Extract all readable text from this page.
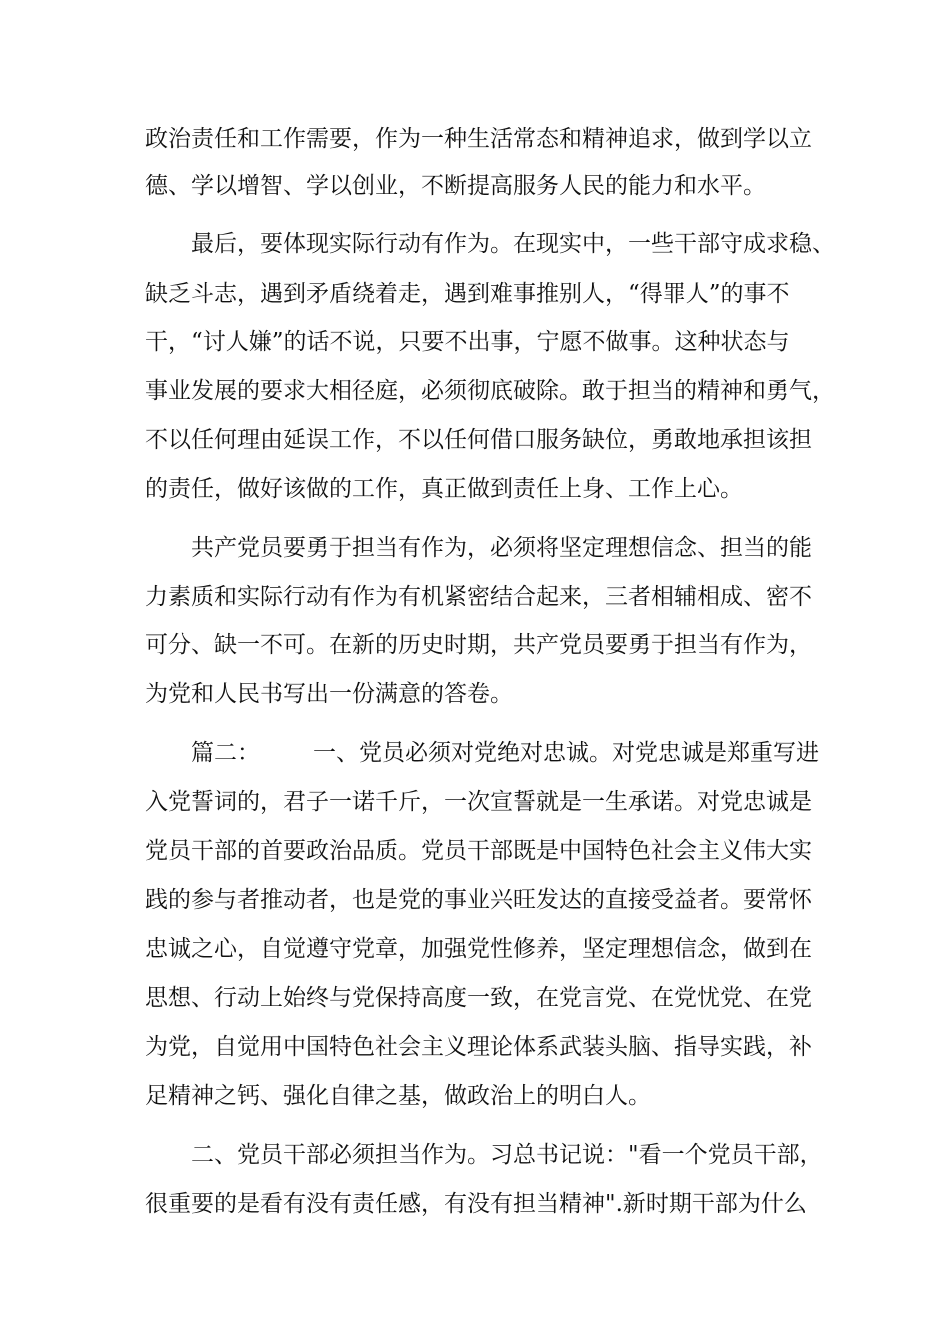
政治责任和工作需要，作为一种生活常态和精神追求，做到学以立
德、学以增智、学以创业，不断提高服务人民的能力和水平。
最后，要体现实际行动有作为。在现实中，一些干部守成求稳、
缺乏斗志，遇到矛盾绕着走，遇到难事推别人，“得罪人”的事不
干，“讨人嫌”的话不说，只要不出事，宁愿不做事。这种状态与
事业发展的要求大相径庭，必须彻底破除。敢于担当的精神和勇气，
不以任何理由延误工作，不以任何借口服务缺位，勇敢地承担该担
的责任，做好该做的工作，真正做到责任上身、工作上心。
共产党员要勇于担当有作为，必须将坚定理想信念、担当的能
力素质和实际行动有作为有机紧密结合起来，三者相辅相成、密不
可分、缺一不可。在新的历史时期，共产党员要勇于担当有作为，
为党和人民书写出一份满意的答卷。
篇二： 一、党员必须对党绝对忠诚。对党忠诚是郑重写进
入党誓词的，君子一诺千斤，一次宣誓就是一生承诺。对党忠诚是
党员干部的首要政治品质。党员干部既是中国特色社会主义伟大实
践的参与者推动者，也是党的事业兴旺发达的直接受益者。要常怀
忠诚之心，自觉遵守党章，加强党性修养，坚定理想信念，做到在
思想、行动上始终与党保持高度一致，在党言党、在党忧党、在党
为党，自觉用中国特色社会主义理论体系武装头脑、指导实践，补
足精神之钙、强化自律之基，做政治上的明白人。
二、党员干部必须担当作为。习总书记说："看一个党员干部，
很重要的是看有没有责任感，有没有担当精神".新时期干部为什么
